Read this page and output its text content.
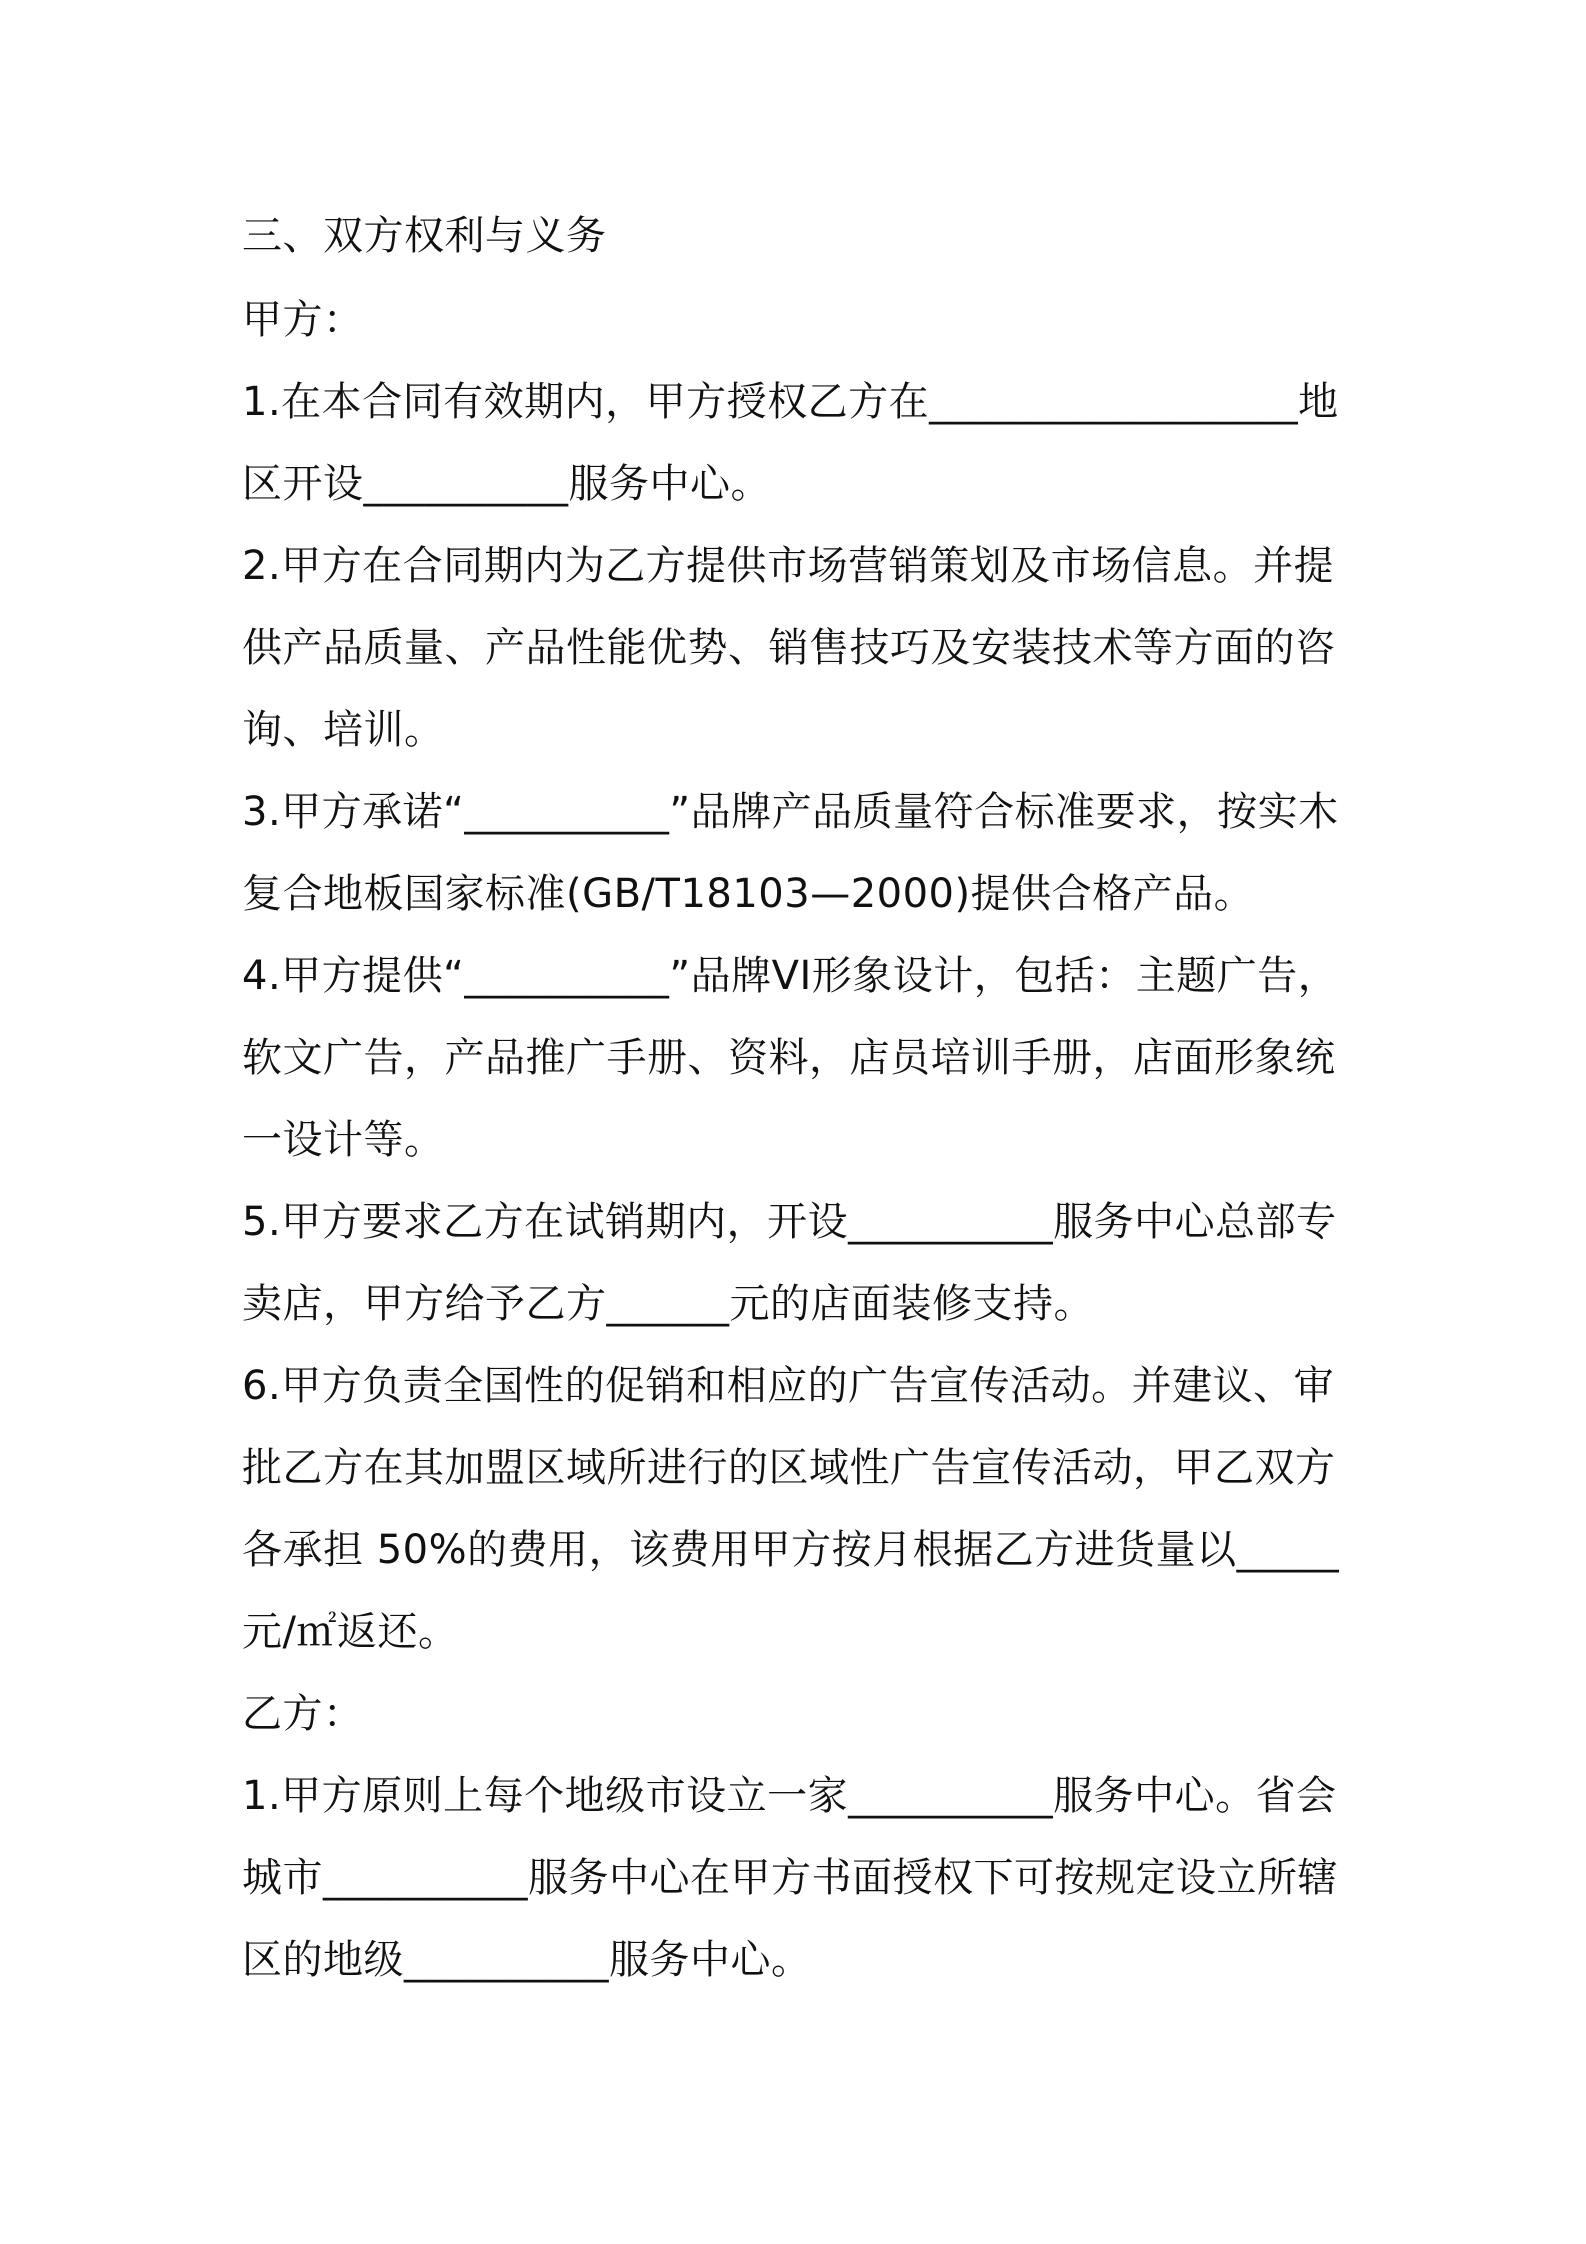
三、双方权利与义务

甲方：

1.在本合同有效期内，甲方授权乙方在__________________地区开设__________服务中心。

2.甲方在合同期内为乙方提供市场营销策划及市场信息。并提供产品质量、产品性能优势、销售技巧及安装技术等方面的咨询、培训。

3.甲方承诺“__________”品牌产品质量符合标准要求，按实木复合地板国家标准(GB/T18103—2000)提供合格产品。

4.甲方提供“__________”品牌VI形象设计，包括：主题广告，软文广告，产品推广手册、资料，店员培训手册，店面形象统一设计等。

5.甲方要求乙方在试销期内，开设__________服务中心总部专卖店，甲方给予乙方______元的店面装修支持。

6.甲方负责全国性的促销和相应的广告宣传活动。并建议、审批乙方在其加盟区域所进行的区域性广告宣传活动，甲乙双方各承担 50%的费用，该费用甲方按月根据乙方进货量以_____元/㎡返还。

乙方：

1.甲方原则上每个地级市设立一家__________服务中心。省会城市__________服务中心在甲方书面授权下可按规定设立所辖区的地级__________服务中心。
